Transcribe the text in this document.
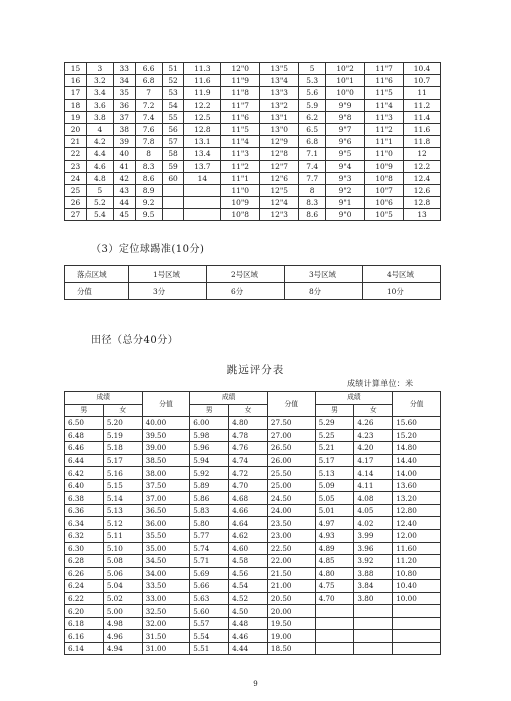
15	3	33	6.6	51	11.3	12"0	13"5	5	10"2	11"7	10.4
16	3.2	34	6.8	52	11.6	11"9	13"4	5.3	10"1	11"6	10.7
17	3.4	35	7	53	11.9	11"8	13"3	5.6	10"0	11"5	11
18	3.6	36	7.2	54	12.2	11"7	13"2	5.9	9"9	11"4	11.2
19	3.8	37	7.4	55	12.5	11"6	13"1	6.2	9"8	11"3	11.4
20	4	38	7.6	56	12.8	11"5	13"0	6.5	9"7	11"2	11.6
21	4.2	39	7.8	57	13.1	11"4	12"9	6.8	9"6	11"1	11.8
22	4.4	40	8	58	13.4	11"3	12"8	7.1	9"5	11"0	12
23	4.6	41	8.3	59	13.7	11"2	12"7	7.4	9"4	10"9	12.2
24	4.8	42	8.6	60	14	11"1	12"6	7.7	9"3	10"8	12.4
25	5	43	8.9			11"0	12"5	8	9"2	10"7	12.6
26	5.2	44	9.2			10"9	12"4	8.3	9"1	10"6	12.8
27	5.4	45	9.5			10"8	12"3	8.6	9"0	10"5	13
（3）定位球踢准(10分)
落点区域	1号区域	2号区域	3号区域	4号区域
分值	3分	6分	8分	10分
田径（总分40分）
跳远评分表
成绩计算单位：米
成绩		分值	成绩		分值	成绩		分值
男	女		男	女		男	女	
6.50	5.20	40.00	6.00	4.80	27.50	5.29	4.26	15.60
6.48	5.19	39.50	5.98	4.78	27.00	5.25	4.23	15.20
6.46	5.18	39.00	5.96	4.76	26.50	5.21	4.20	14.80
6.44	5.17	38.50	5.94	4.74	26.00	5.17	4.17	14.40
6.42	5.16	38.00	5.92	4.72	25.50	5.13	4.14	14.00
6.40	5.15	37.50	5.89	4.70	25.00	5.09	4.11	13.60
6.38	5.14	37.00	5.86	4.68	24.50	5.05	4.08	13.20
6.36	5.13	36.50	5.83	4.66	24.00	5.01	4.05	12.80
6.34	5.12	36.00	5.80	4.64	23.50	4.97	4.02	12.40
6.32	5.11	35.50	5.77	4.62	23.00	4.93	3.99	12.00
6.30	5.10	35.00	5.74	4.60	22.50	4.89	3.96	11.60
6.28	5.08	34.50	5.71	4.58	22.00	4.85	3.92	11.20
6.26	5.06	34.00	5.69	4.56	21.50	4.80	3.88	10.80
6.24	5.04	33.50	5.66	4.54	21.00	4.75	3.84	10.40
6.22	5.02	33.00	5.63	4.52	20.50	4.70	3.80	10.00
6.20	5.00	32.50	5.60	4.50	20.00			
6.18	4.98	32.00	5.57	4.48	19.50			
6.16	4.96	31.50	5.54	4.46	19.00			
6.14	4.94	31.00	5.51	4.44	18.50			
9
